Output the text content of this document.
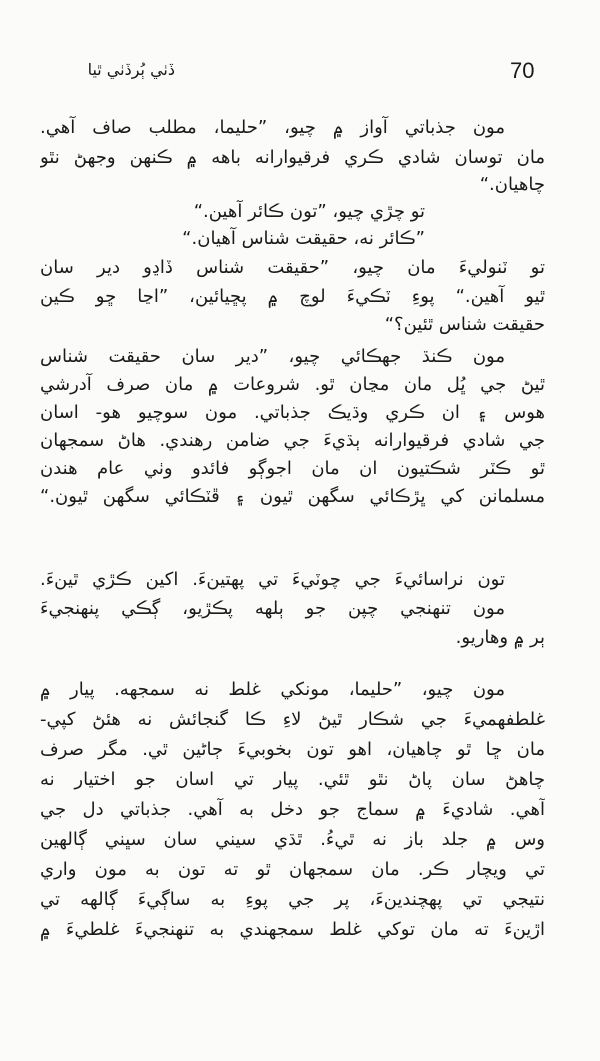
ڏٺي ٻُرڏٺي ٿيا	70
مون جذباتي آواز ۾ چيو، ”حليما، مطلب صاف آهي.
مان توسان شادي ڪري فرقيوارانه باهه ۾ ڪنهن وجهڻ نٿو
چاهيان.“
تو چڙي چيو، ”تون ڪائر آهين.“
”ڪائر نه، حقيقت شناس آهيان.“
تو ٽنوليءَ مان چيو، ”حقيقت شناس ڏاڍو دير سان
ٿيو آهين.“ پوءِ ٽڪيءَ لوچ ۾ پڇيائين، ”اڃا ڇو ڪين
حقيقت شناس ٿئين؟“
مون ڪنڌ جهڪائي چيو، ”دير سان حقيقت شناس
ٿيڻ جي ڀُل مان مڃان ٿو. شروعات ۾ مان صرف آدرشي
هوس ۽ ان ڪري وڌيڪ جذباتي. مون سوچيو هو- اسان
جي شادي فرقيوارانه ٻڌيءَ جي ضامن رهندي. هاڻ سمجهان
ٿو ڪٽر شڪتيون ان مان اجوڳو فائدو وٺي عام هندن
مسلمانن کي ڀڙڪائي سگهن ٿيون ۽ ڦٽڪائي سگهن ٿيون.“
تون نراسائيءَ جي چوٽيءَ تي پهتينءَ. اکين ڪڙي ٿينءَ.
مون تنهنجي چپن جو ٻلهه پڪڙيو، ڳڪي پنهنجيءَ
ٻر ۾ وهاريو.
مون چيو، ”حليما، مونکي غلط نه سمجهه. پيار ۾
غلطفهميءَ جي شڪار ٿيڻ لاءِ ڪا گنجائش نه هئڻ کپي-
مان ڇا ٿو چاهيان، اهو تون بخوبيءَ ڄاڻين ٿي. مگر صرف
چاهڻ سان پاڻ نٿو ٿئي. پيار تي اسان جو اختيار نه
آهي. شاديءَ ۾ سماج جو دخل به آهي. جذباتي دل جي
وس ۾ جلد باز نه ٿيءُ. ٿڌي سيني سان سڀني ڳالهين
تي ويچار ڪر. مان سمجهان ٿو ته تون به مون واري
نتيجي تي پهچندينءَ، پر جي پوءِ به ساڳيءَ ڳالهه تي
اڙينءَ ته مان توکي غلط سمجهندي به تنهنجيءَ غلطيءَ ۾
